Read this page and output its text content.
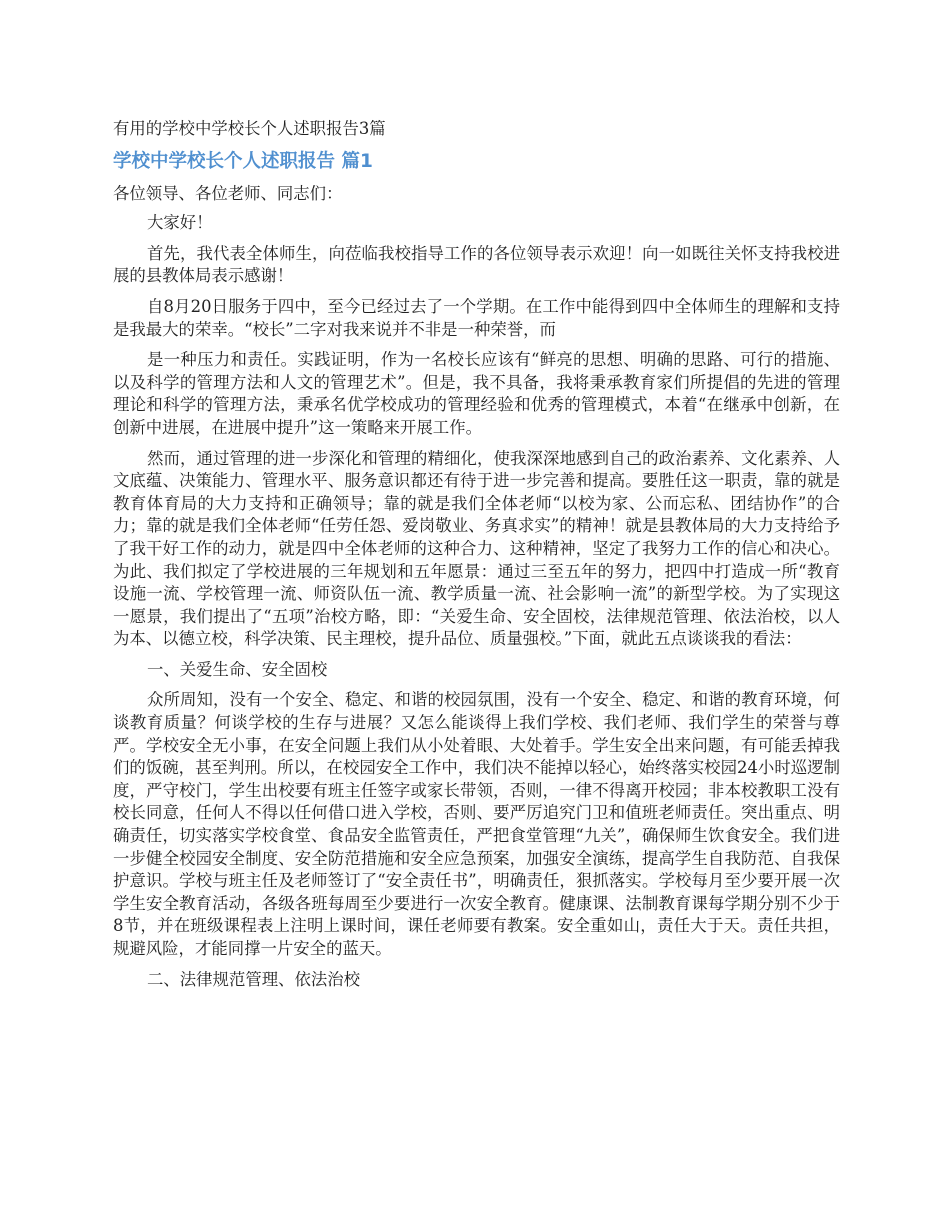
有用的学校中学校长个人述职报告3篇

学校中学校长个人述职报告 篇1

各位领导、各位老师、同志们：

大家好！

首先，我代表全体师生，向莅临我校指导工作的各位领导表示欢迎！向一如既往关怀支持我校进展的县教体局表示感谢！

自8月20日服务于四中，至今已经过去了一个学期。在工作中能得到四中全体师生的理解和支持是我最大的荣幸。“校长”二字对我来说并不非是一种荣誉，而

是一种压力和责任。实践证明，作为一名校长应该有“鲜亮的思想、明确的思路、可行的措施、以及科学的管理方法和人文的管理艺术”。但是，我不具备，我将秉承教育家们所提倡的先进的管理理论和科学的管理方法，秉承名优学校成功的管理经验和优秀的管理模式，本着“在继承中创新，在创新中进展，在进展中提升”这一策略来开展工作。

然而，通过管理的进一步深化和管理的精细化，使我深深地感到自己的政治素养、文化素养、人文底蕴、决策能力、管理水平、服务意识都还有待于进一步完善和提高。要胜任这一职责，靠的就是教育体育局的大力支持和正确领导；靠的就是我们全体老师“以校为家、公而忘私、团结协作”的合力；靠的就是我们全体老师“任劳任怨、爱岗敬业、务真求实”的精神！就是县教体局的大力支持给予了我干好工作的动力，就是四中全体老师的这种合力、这种精神，坚定了我努力工作的信心和决心。为此、我们拟定了学校进展的三年规划和五年愿景：通过三至五年的努力，把四中打造成一所“教育设施一流、学校管理一流、师资队伍一流、教学质量一流、社会影响一流”的新型学校。为了实现这一愿景，我们提出了“五项”治校方略，即：“关爱生命、安全固校，法律规范管理、依法治校，以人为本、以德立校，科学决策、民主理校，提升品位、质量强校。”下面，就此五点谈谈我的看法：

一、关爱生命、安全固校

众所周知，没有一个安全、稳定、和谐的校园氛围，没有一个安全、稳定、和谐的教育环境，何谈教育质量？何谈学校的生存与进展？又怎么能谈得上我们学校、我们老师、我们学生的荣誉与尊严。学校安全无小事，在安全问题上我们从小处着眼、大处着手。学生安全出来问题，有可能丢掉我们的饭碗，甚至判刑。所以，在校园安全工作中，我们决不能掉以轻心，始终落实校园24小时巡逻制度，严守校门，学生出校要有班主任签字或家长带领，否则，一律不得离开校园；非本校教职工没有校长同意，任何人不得以任何借口进入学校，否则、要严厉追究门卫和值班老师责任。突出重点、明确责任，切实落实学校食堂、食品安全监管责任，严把食堂管理“九关”，确保师生饮食安全。我们进一步健全校园安全制度、安全防范措施和安全应急预案，加强安全演练，提高学生自我防范、自我保护意识。学校与班主任及老师签订了“安全责任书”，明确责任，狠抓落实。学校每月至少要开展一次学生安全教育活动，各级各班每周至少要进行一次安全教育。健康课、法制教育课每学期分别不少于8节，并在班级课程表上注明上课时间，课任老师要有教案。安全重如山，责任大于天。责任共担，规避风险，才能同撑一片安全的蓝天。

二、法律规范管理、依法治校
